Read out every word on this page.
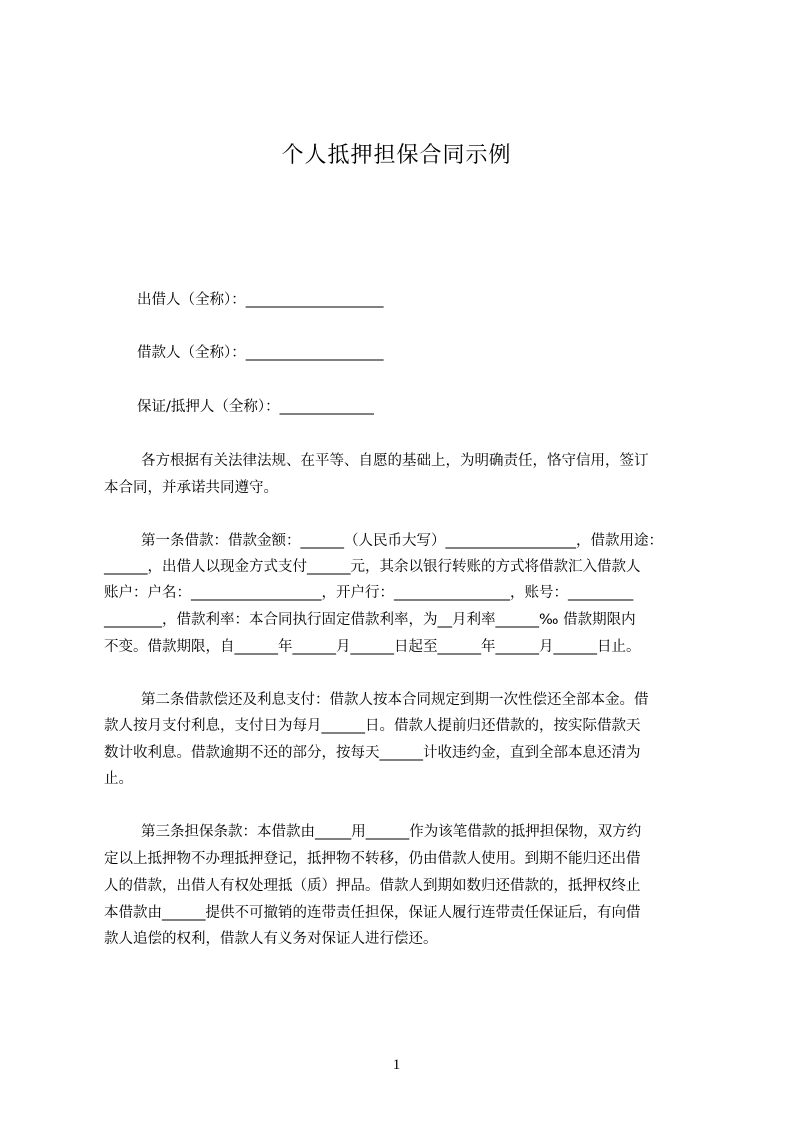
个人抵押担保合同示例
出借人（全称）：___________________
借款人（全称）：___________________
保证/抵押人（全称）：_____________
各方根据有关法律法规、在平等、自愿的基础上，为明确责任，恪守信用，签订
本合同，并承诺共同遵守。
第一条借款：借款金额：______（人民币大写）__________________，借款用途：
______，出借人以现金方式支付______元，其余以银行转账的方式将借款汇入借款人
账户：户名：__________________，开户行：________________，账号：_________
________，借款利率：本合同执行固定借款利率，为__月利率______‰ 借款期限内
不变。借款期限，自______年______月______日起至______年______月______日止。
第二条借款偿还及利息支付：借款人按本合同规定到期一次性偿还全部本金。借
款人按月支付利息，支付日为每月______日。借款人提前归还借款的，按实际借款天
数计收利息。借款逾期不还的部分，按每天______计收违约金，直到全部本息还清为
止。
第三条担保条款：本借款由_____用______作为该笔借款的抵押担保物，双方约
定以上抵押物不办理抵押登记，抵押物不转移，仍由借款人使用。到期不能归还出借
人的借款，出借人有权处理抵（质）押品。借款人到期如数归还借款的，抵押权终止
本借款由______提供不可撤销的连带责任担保，保证人履行连带责任保证后，有向借
款人追偿的权利，借款人有义务对保证人进行偿还。
1
